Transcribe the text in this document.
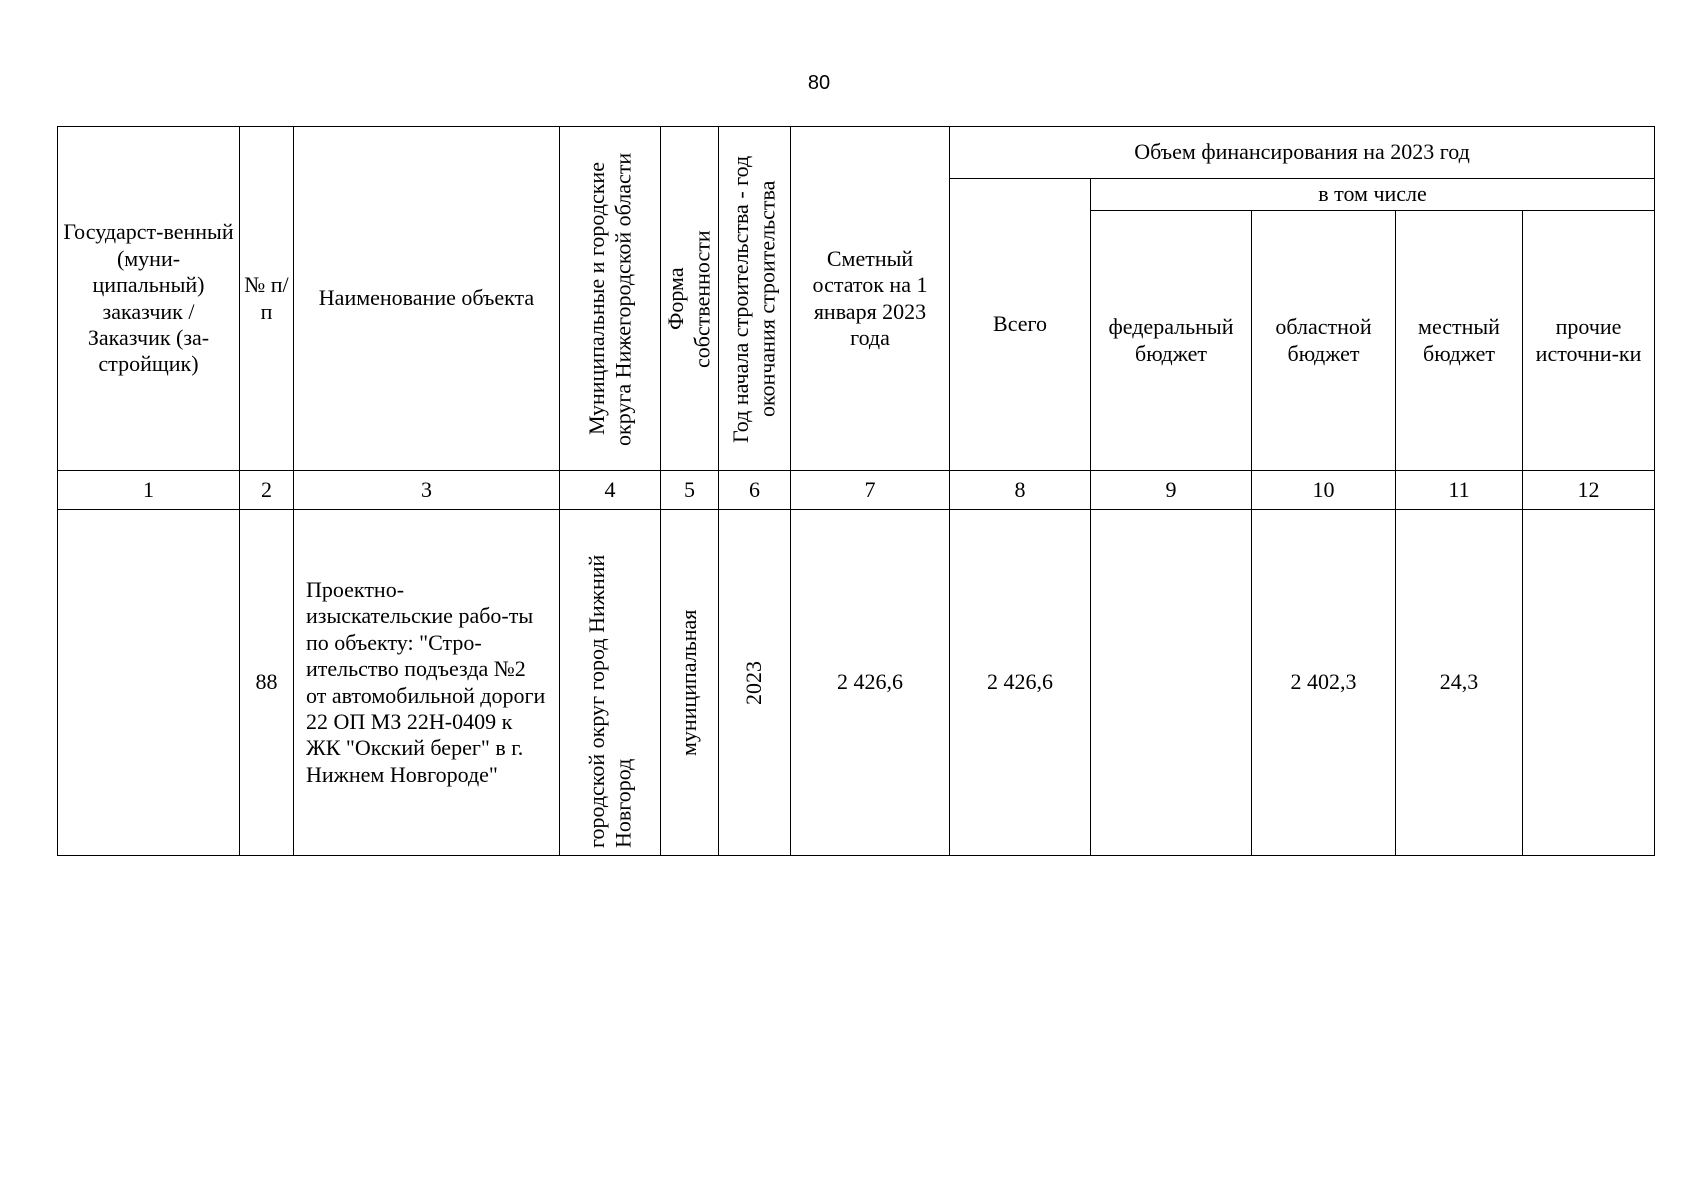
80
Государст-венный (муни-ципальный) заказчик / Заказчик (за-стройщик)	№ п/п	Наименование объекта	Муниципальные и городские округа Нижегородской области	Форма собственности	Год начала строительства - год окончания строительства	Сметный остаток на 1 января 2023 года	Объем финансирования на 2023 год				
							Всего	в том числе			
								федеральный бюджет	областной бюджет	местный бюджет	прочие источни-ки
1	2	3	4	5	6	7	8	9	10	11	12
	88	Проектно-изыскательские рабо-ты по объекту: "Стро-ительство подъезда №2 от автомобильной дороги 22 ОП МЗ 22Н-0409 к ЖК "Окский берег" в г. Нижнем Новгороде"	городской округ город Нижний Новгород	муниципальная	2023	2 426,6	2 426,6		2 402,3	24,3	
